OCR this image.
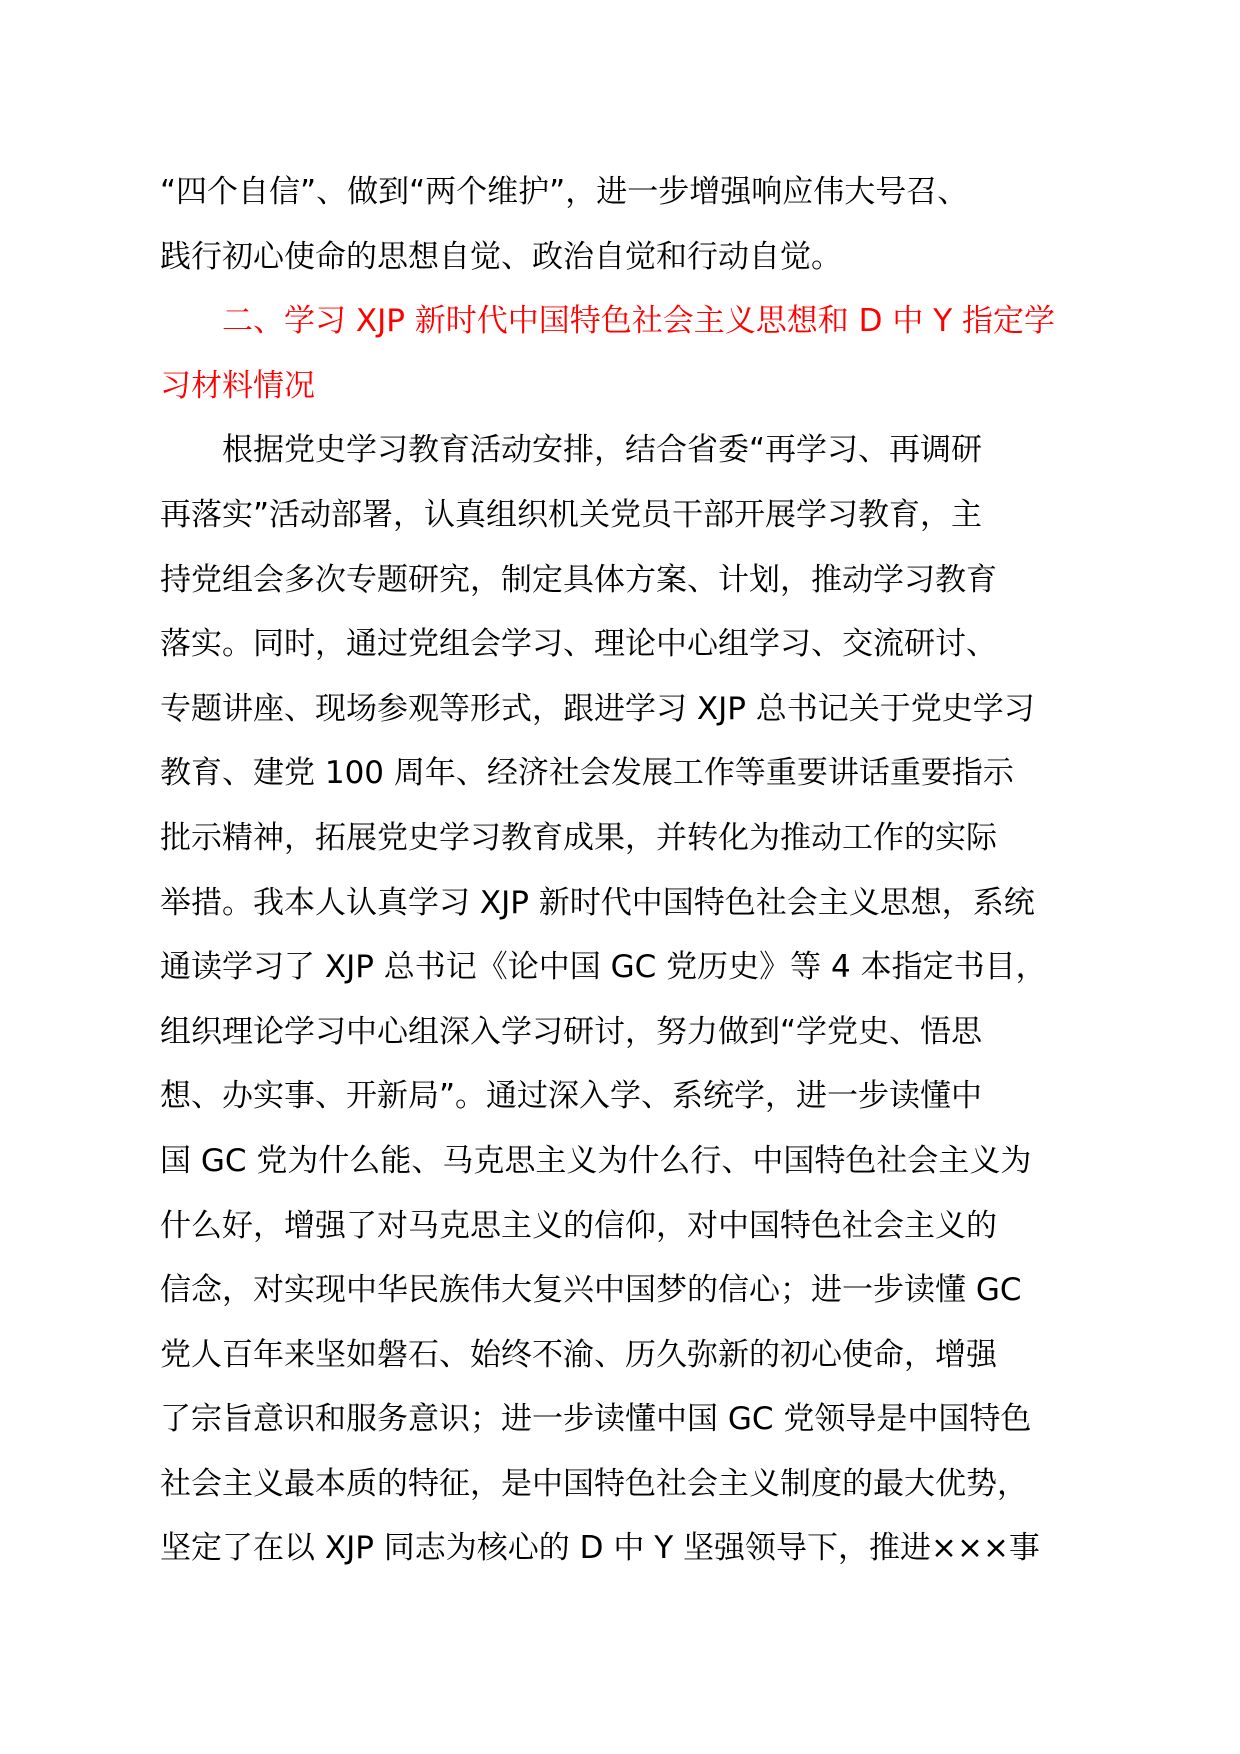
“四个自信”、做到“两个维护”，进一步增强响应伟大号召、
践行初心使命的思想自觉、政治自觉和行动自觉。
二、学习 XJP 新时代中国特色社会主义思想和 D 中 Y 指定学
习材料情况
根据党史学习教育活动安排，结合省委“再学习、再调研
再落实”活动部署，认真组织机关党员干部开展学习教育，主
持党组会多次专题研究，制定具体方案、计划，推动学习教育
落实。同时，通过党组会学习、理论中心组学习、交流研讨、
专题讲座、现场参观等形式，跟进学习 XJP 总书记关于党史学习
教育、建党 100 周年、经济社会发展工作等重要讲话重要指示
批示精神，拓展党史学习教育成果，并转化为推动工作的实际
举措。我本人认真学习 XJP 新时代中国特色社会主义思想，系统
通读学习了 XJP 总书记《论中国 GC 党历史》等 4 本指定书目，
组织理论学习中心组深入学习研讨，努力做到“学党史、悟思
想、办实事、开新局”。通过深入学、系统学，进一步读懂中
国 GC 党为什么能、马克思主义为什么行、中国特色社会主义为
什么好，增强了对马克思主义的信仰，对中国特色社会主义的
信念，对实现中华民族伟大复兴中国梦的信心；进一步读懂 GC
党人百年来坚如磐石、始终不渝、历久弥新的初心使命，增强
了宗旨意识和服务意识；进一步读懂中国 GC 党领导是中国特色
社会主义最本质的特征，是中国特色社会主义制度的最大优势，
坚定了在以 XJP 同志为核心的 D 中 Y 坚强领导下，推进×××事
